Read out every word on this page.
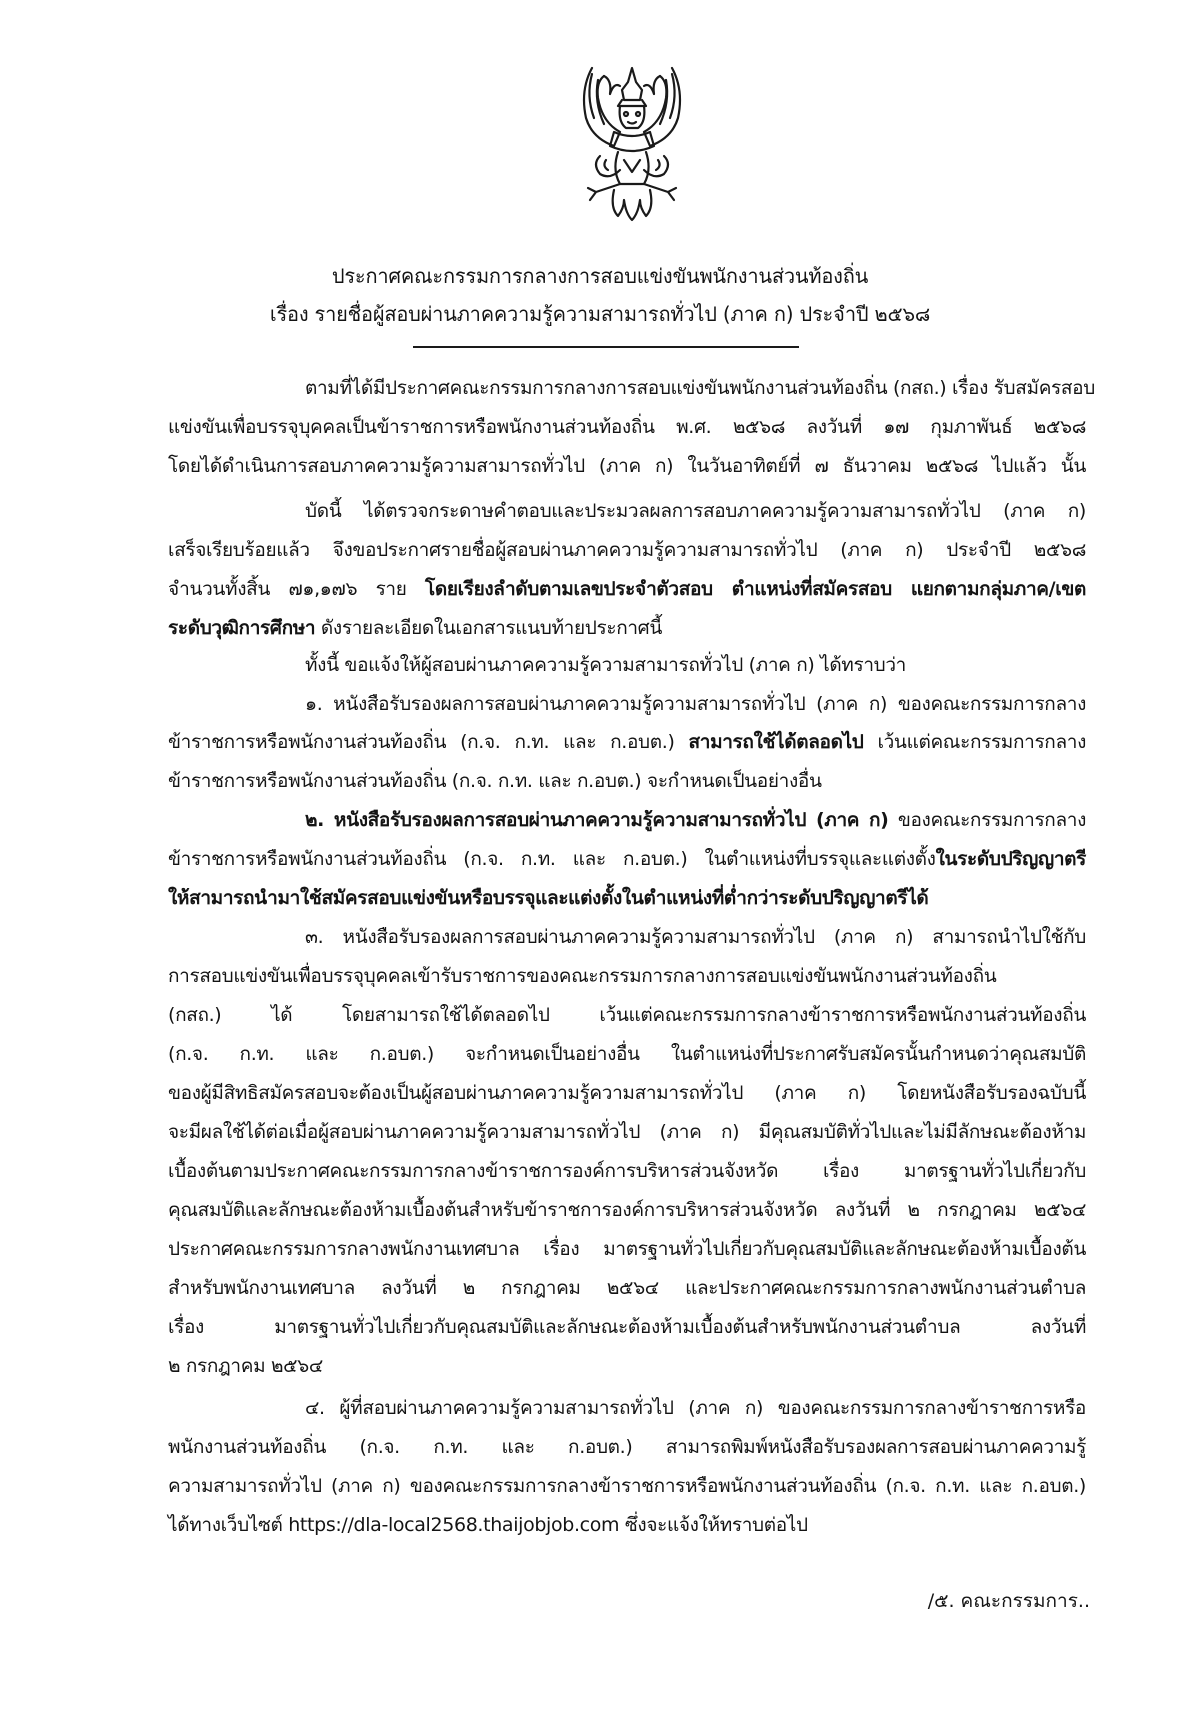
ประกาศคณะกรรมการกลางการสอบแข่งขันพนักงานส่วนท้องถิ่น
เรื่อง รายชื่อผู้สอบผ่านภาคความรู้ความสามารถทั่วไป (ภาค ก) ประจำปี ๒๕๖๘
ตามที่ได้มีประกาศคณะกรรมการกลางการสอบแข่งขันพนักงานส่วนท้องถิ่น (กสถ.) เรื่อง รับสมัครสอบ
แข่งขันเพื่อบรรจุบุคคลเป็นข้าราชการหรือพนักงานส่วนท้องถิ่น พ.ศ. ๒๕๖๘ ลงวันที่ ๑๗ กุมภาพันธ์ ๒๕๖๘
โดยได้ดำเนินการสอบภาคความรู้ความสามารถทั่วไป (ภาค ก) ในวันอาทิตย์ที่ ๗ ธันวาคม ๒๕๖๘ ไปแล้ว นั้น
บัดนี้ ได้ตรวจกระดาษคำตอบและประมวลผลการสอบภาคความรู้ความสามารถทั่วไป (ภาค ก)
เสร็จเรียบร้อยแล้ว จึงขอประกาศรายชื่อผู้สอบผ่านภาคความรู้ความสามารถทั่วไป (ภาค ก) ประจำปี ๒๕๖๘
จำนวนทั้งสิ้น ๗๑,๑๗๖ ราย โดยเรียงลำดับตามเลขประจำตัวสอบ ตำแหน่งที่สมัครสอบ แยกตามกลุ่มภาค/เขต
ระดับวุฒิการศึกษา ดังรายละเอียดในเอกสารแนบท้ายประกาศนี้
ทั้งนี้ ขอแจ้งให้ผู้สอบผ่านภาคความรู้ความสามารถทั่วไป (ภาค ก) ได้ทราบว่า
๑. หนังสือรับรองผลการสอบผ่านภาคความรู้ความสามารถทั่วไป (ภาค ก) ของคณะกรรมการกลาง
ข้าราชการหรือพนักงานส่วนท้องถิ่น (ก.จ. ก.ท. และ ก.อบต.) สามารถใช้ได้ตลอดไป เว้นแต่คณะกรรมการกลาง
ข้าราชการหรือพนักงานส่วนท้องถิ่น (ก.จ. ก.ท. และ ก.อบต.) จะกำหนดเป็นอย่างอื่น
๒. หนังสือรับรองผลการสอบผ่านภาคความรู้ความสามารถทั่วไป (ภาค ก) ของคณะกรรมการกลาง
ข้าราชการหรือพนักงานส่วนท้องถิ่น (ก.จ. ก.ท. และ ก.อบต.) ในตำแหน่งที่บรรจุและแต่งตั้งในระดับปริญญาตรี
ให้สามารถนำมาใช้สมัครสอบแข่งขันหรือบรรจุและแต่งตั้งในตำแหน่งที่ต่ำกว่าระดับปริญญาตรีได้
๓. หนังสือรับรองผลการสอบผ่านภาคความรู้ความสามารถทั่วไป (ภาค ก) สามารถนำไปใช้กับ
การสอบแข่งขันเพื่อบรรจุบุคคลเข้ารับราชการของคณะกรรมการกลางการสอบแข่งขันพนักงานส่วนท้องถิ่น
(กสถ.) ได้ โดยสามารถใช้ได้ตลอดไป เว้นแต่คณะกรรมการกลางข้าราชการหรือพนักงานส่วนท้องถิ่น
(ก.จ. ก.ท. และ ก.อบต.) จะกำหนดเป็นอย่างอื่น ในตำแหน่งที่ประกาศรับสมัครนั้นกำหนดว่าคุณสมบัติ
ของผู้มีสิทธิสมัครสอบจะต้องเป็นผู้สอบผ่านภาคความรู้ความสามารถทั่วไป (ภาค ก) โดยหนังสือรับรองฉบับนี้
จะมีผลใช้ได้ต่อเมื่อผู้สอบผ่านภาคความรู้ความสามารถทั่วไป (ภาค ก) มีคุณสมบัติทั่วไปและไม่มีลักษณะต้องห้าม
เบื้องต้นตามประกาศคณะกรรมการกลางข้าราชการองค์การบริหารส่วนจังหวัด เรื่อง มาตรฐานทั่วไปเกี่ยวกับ
คุณสมบัติและลักษณะต้องห้ามเบื้องต้นสำหรับข้าราชการองค์การบริหารส่วนจังหวัด ลงวันที่ ๒ กรกฎาคม ๒๕๖๔
ประกาศคณะกรรมการกลางพนักงานเทศบาล เรื่อง มาตรฐานทั่วไปเกี่ยวกับคุณสมบัติและลักษณะต้องห้ามเบื้องต้น
สำหรับพนักงานเทศบาล ลงวันที่ ๒ กรกฎาคม ๒๕๖๔ และประกาศคณะกรรมการกลางพนักงานส่วนตำบล
เรื่อง มาตรฐานทั่วไปเกี่ยวกับคุณสมบัติและลักษณะต้องห้ามเบื้องต้นสำหรับพนักงานส่วนตำบล ลงวันที่
๒ กรกฎาคม ๒๕๖๔
๔. ผู้ที่สอบผ่านภาคความรู้ความสามารถทั่วไป (ภาค ก) ของคณะกรรมการกลางข้าราชการหรือ
พนักงานส่วนท้องถิ่น (ก.จ. ก.ท. และ ก.อบต.) สามารถพิมพ์หนังสือรับรองผลการสอบผ่านภาคความรู้
ความสามารถทั่วไป (ภาค ก) ของคณะกรรมการกลางข้าราชการหรือพนักงานส่วนท้องถิ่น (ก.จ. ก.ท. และ ก.อบต.)
ได้ทางเว็บไซต์ https://dla-local2568.thaijobjob.com ซึ่งจะแจ้งให้ทราบต่อไป
/๕. คณะกรรมการ..
